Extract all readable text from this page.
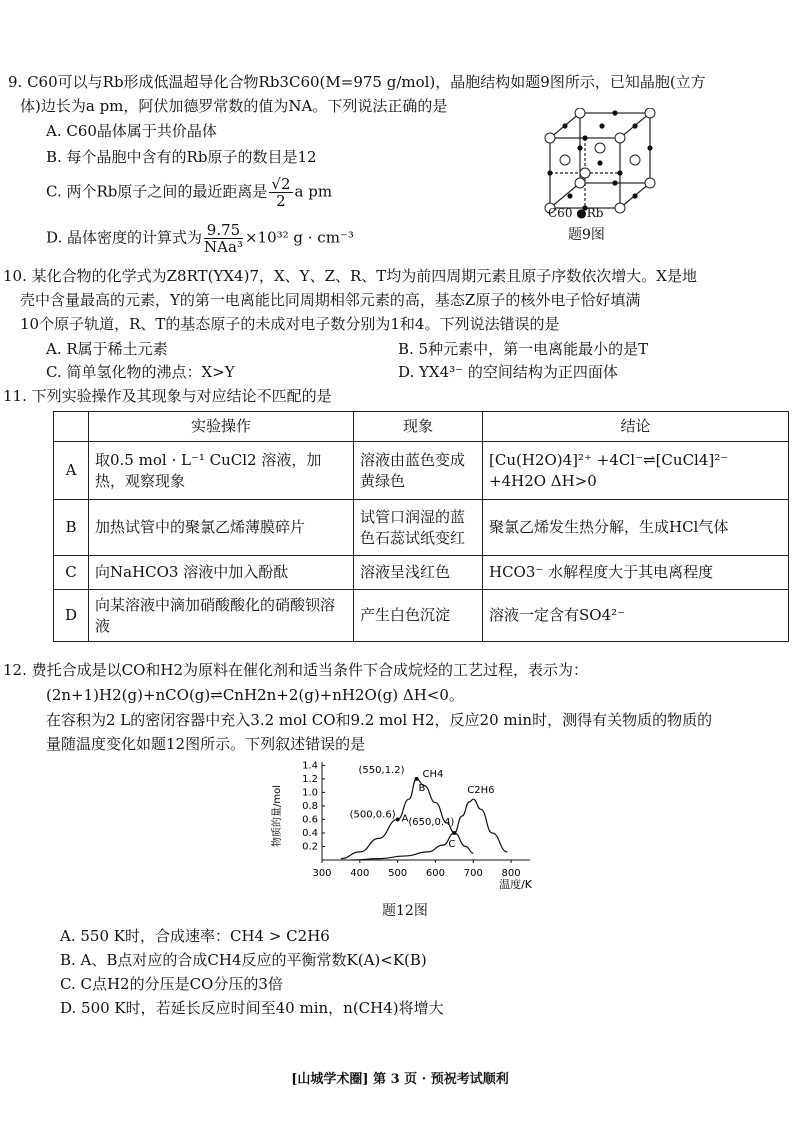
9. C60可以与Rb形成低温超导化合物Rb3C60(M=975 g/mol)，晶胞结构如题9图所示，已知晶胞(立方
体)边长为a pm，阿伏加德罗常数的值为NA。下列说法正确的是
A. C60晶体属于共价晶体
B. 每个晶胞中含有的Rb原子的数目是12
C. 两个Rb原子之间的最近距离是 $\frac{√2}{2}$ a pm
D. 晶体密度的计算式为 $\frac{9.75}{\text{NAa³}} \times 10^{32}$ g · cm⁻³
C60 ●Rb
题9图
10. 某化合物的化学式为Z8RT(YX4)7，X、Y、Z、R、T均为前四周期元素且原子序数依次增大。X是地
壳中含量最高的元素，Y的第一电离能比同周期相邻元素的高，基态Z原子的核外电子恰好填满
10个原子轨道，R、T的基态原子的未成对电子数分别为1和4。下列说法错误的是
A. R属于稀土元素	B. 5种元素中，第一电离能最小的是T
C. 简单氢化物的沸点：X>Y	D. YX4³⁻ 的空间结构为正四面体
11. 下列实验操作及其现象与对应结论不匹配的是
	实验操作	现象	结论
A	取0.5 mol · L⁻¹ CuCl2 溶液，加热，观察现象	溶液由蓝色变成黄绿色	[Cu(H2O)4]²⁺ +4Cl⁻⇌[CuCl4]²⁻ +4H2O ΔH>0
B	加热试管中的聚氯乙烯薄膜碎片	试管口润湿的蓝色石蕊试纸变红	聚氯乙烯发生热分解，生成HCl气体
C	向NaHCO3 溶液中加入酚酞	溶液呈浅红色	HCO3⁻ 水解程度大于其电离程度
D	向某溶液中滴加硝酸酸化的硝酸钡溶液	产生白色沉淀	溶液一定含有SO4²⁻
12. 费托合成是以CO和H2为原料在催化剂和适当条件下合成烷烃的工艺过程，表示为：
(2n+1)H2(g)+nCO(g)⇌CnH2n+2(g)+nH2O(g) ΔH<0。
在容积为2 L的密闭容器中充入3.2 mol CO和9.2 mol H2，反应20 min时，测得有关物质的物质的
量随温度变化如题12图所示。下列叙述错误的是
300 400 500 600 700 800
0.2
0.4
0.6
0.8
1.0
1.2
1.4
CH4
C2H6
(500,0.6) A
(550,1.2)
B
(650,0.4)
C
物质的量/mol
温度/K
题12图
A. 550 K时，合成速率：CH4 > C2H6
B. A、B点对应的合成CH4反应的平衡常数K(A)<K(B)
C. C点H2的分压是CO分压的3倍
D. 500 K时，若延长反应时间至40 min，n(CH4)将增大
[山城学术圈] 第 3 页 · 预祝考试顺利
